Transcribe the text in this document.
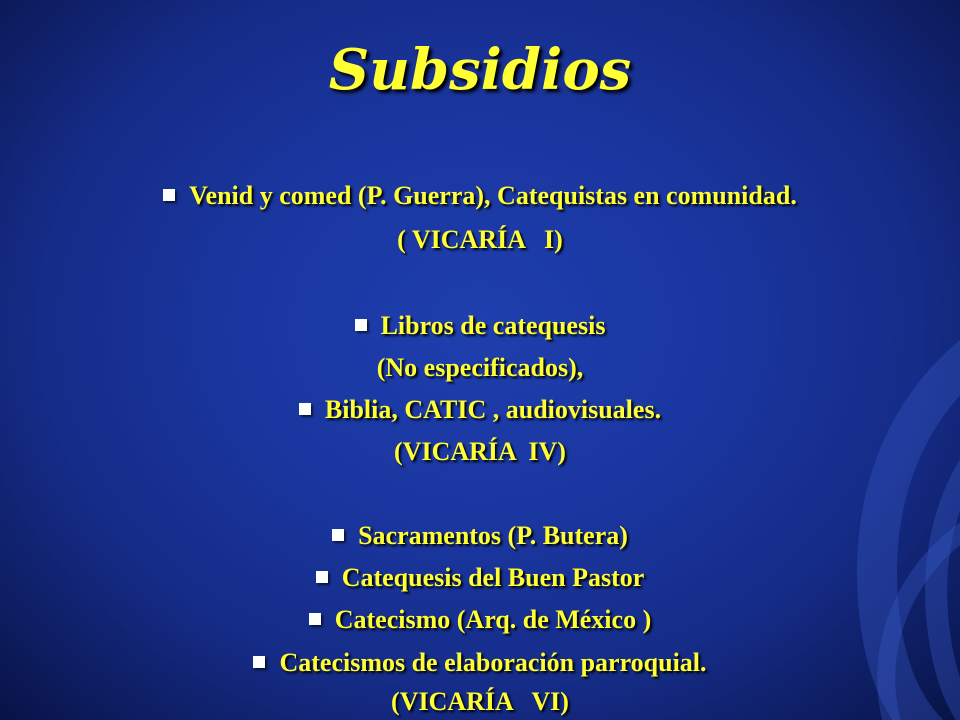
Subsidios
Venid y comed (P. Guerra), Catequistas en comunidad.
( VICARÍA   I)
Libros de catequesis
(No especificados),
Biblia, CATIC , audiovisuales.
(VICARÍA  IV)
Sacramentos (P. Butera)
Catequesis del Buen Pastor
Catecismo (Arq. de México )
Catecismos de elaboración parroquial.
(VICARÍA   VI)
